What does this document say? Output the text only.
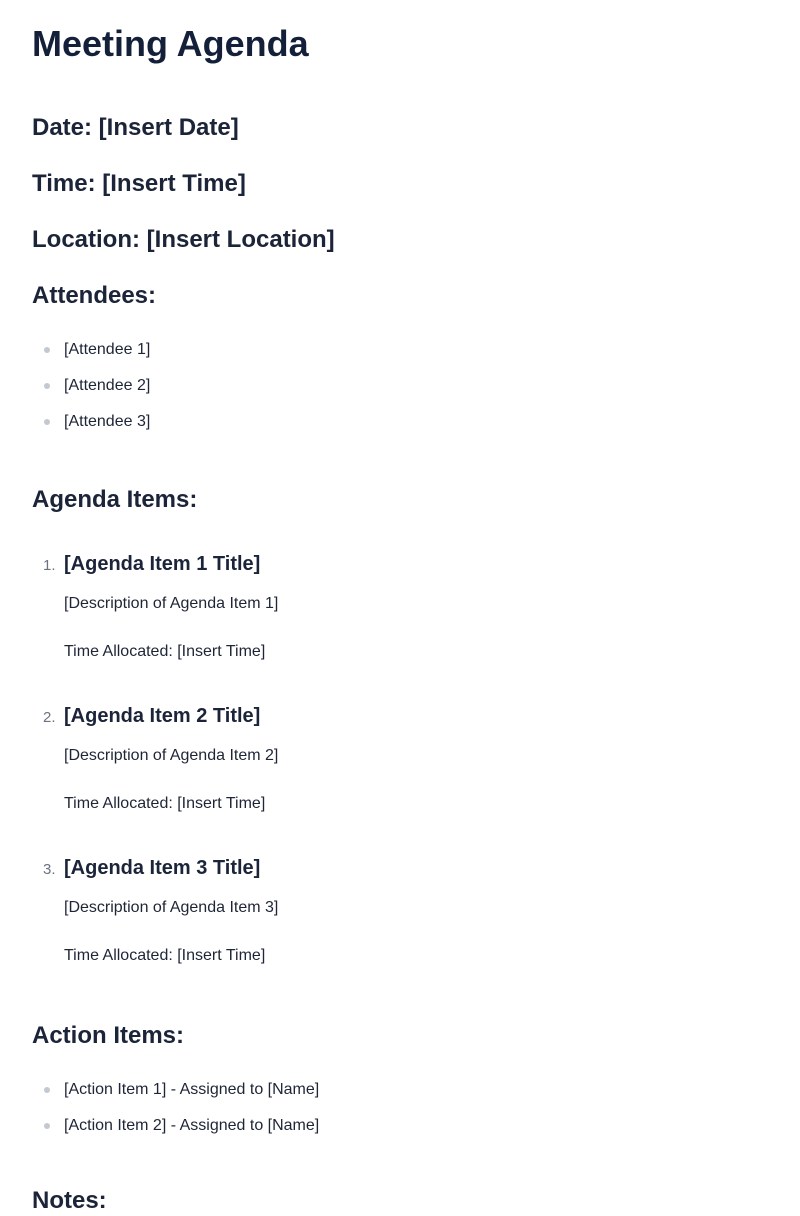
Meeting Agenda
Date: [Insert Date]
Time: [Insert Time]
Location: [Insert Location]
Attendees:
[Attendee 1]
[Attendee 2]
[Attendee 3]
Agenda Items:
1. [Agenda Item 1 Title]

[Description of Agenda Item 1]

Time Allocated: [Insert Time]

2. [Agenda Item 2 Title]

[Description of Agenda Item 2]

Time Allocated: [Insert Time]

3. [Agenda Item 3 Title]

[Description of Agenda Item 3]

Time Allocated: [Insert Time]

Action Items:
[Action Item 1] - Assigned to [Name]
[Action Item 2] - Assigned to [Name]
Notes:
